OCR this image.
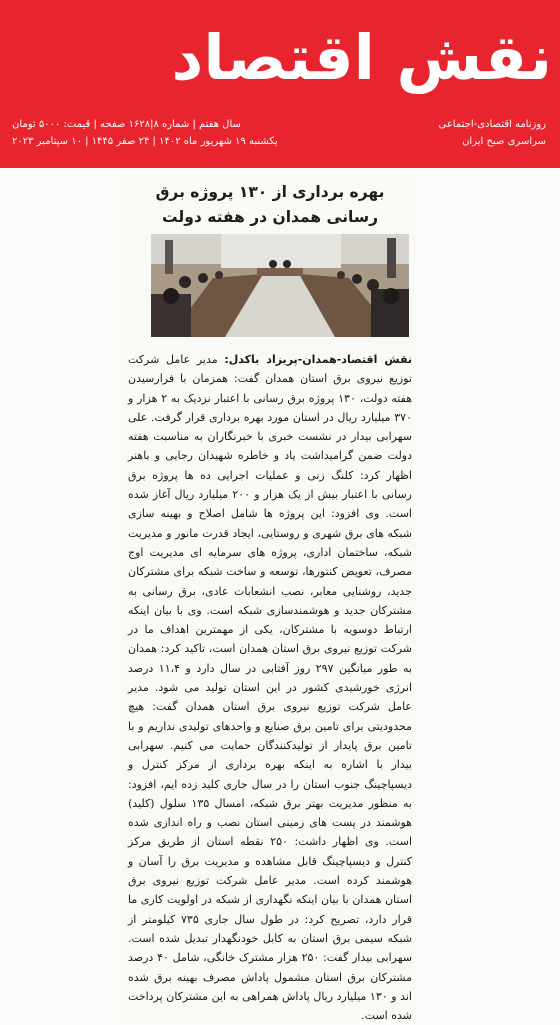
نقش اقتصاد
روزنامه اقتصادی-اجتماعی
سراسری صبح ایران
سال هفتم | شماره ۸|۱۶۲۸ صفحه | قیمت: ۵۰۰۰ تومان
یکشنبه ۱۹ شهریور ماه ۱۴۰۲ | ۲۴ صفر ۱۴۴۵ | ۱۰ سپتامبر ۲۰۲۳
بهره برداری از ۱۳۰ پروژه برق رسانی همدان در هفته دولت
نقش اقتصاد-همدان-پریزاد باکدل: مدیر عامل شرکت توزیع نیروی برق استان همدان گفت: همزمان با فرارسیدن هفته دولت، ۱۳۰ پروژه برق رسانی با اعتبار نزدیک به ۲ هزار و ۳۷۰ میلیارد ریال در استان مورد بهره برداری قرار گرفت. علی سهرابی بیدار در نشست خبری با خبرنگاران به مناسبت هفته دولت ضمن گرامیداشت یاد و خاطره شهیدان رجایی و باهنر اظهار کرد: کلنگ زنی و عملیات اجرایی ده ها پروژه برق رسانی با اعتبار بیش از یک هزار و ۲۰۰ میلیارد ریال آغاز شده است. وی افزود: این پروژه ها شامل اصلاح و بهینه سازی شبکه های برق شهری و روستایی، ایجاد قدرت مانور و مدیریت شبکه، ساختمان اداری، پروژه های سرمایه ای مدیریت اوج مصرف، تعویض کنتورها، توسعه و ساخت شبکه برای مشترکان جدید، روشنایی معابر، نصب انشعابات عادی، برق رسانی به مشترکان جدید و هوشمندسازی شبکه است. وی با بیان اینکه ارتباط دوسویه با مشترکان، یکی از مهمترین اهداف ما در شرکت توزیع نیروی برق استان همدان است، تاکید کرد: همدان به طور میانگین ۲۹۷ روز آفتابی در سال دارد و ۱۱،۴ درصد انرژی خورشیدی کشور در این استان تولید می شود. مدیر عامل شرکت توزیع نیروی برق استان همدان گفت: هیچ محدودیتی برای تامین برق صنایع و واحدهای تولیدی نداریم و با تامین برق پایدار از تولیدکنندگان حمایت می کنیم. سهرابی بیدار با اشاره به اینکه بهره برداری از مرکز کنترل و دیسپاچینگ جنوب استان را در سال جاری کلید زده ایم، افزود: به منظور مدیریت بهتر برق شبکه، امسال ۱۳۵ سلول (کلید) هوشمند در پست های زمینی استان نصب و راه اندازی شده است. وی اظهار داشت: ۲۵۰ نقطه استان از طریق مرکز کنترل و دیسپاچینگ قابل مشاهده و مدیریت برق را آسان و هوشمند کرده است. مدیر عامل شرکت توزیع نیروی برق استان همدان با بیان اینکه نگهداری از شبکه در اولویت کاری ما قرار دارد، تصریح کرد: در طول سال جاری ۷۳۵ کیلومتر از شبکه سیمی برق استان به کابل خودنگهدار تبدیل شده است. سهرابی بیدار گفت: ۲۵۰ هزار مشترک خانگی، شامل ۴۰ درصد مشترکان برق استان مشمول پاداش مصرف بهینه برق شده اند و ۱۳۰ میلیارد ریال پاداش همراهی به این مشترکان پرداخت شده است.
